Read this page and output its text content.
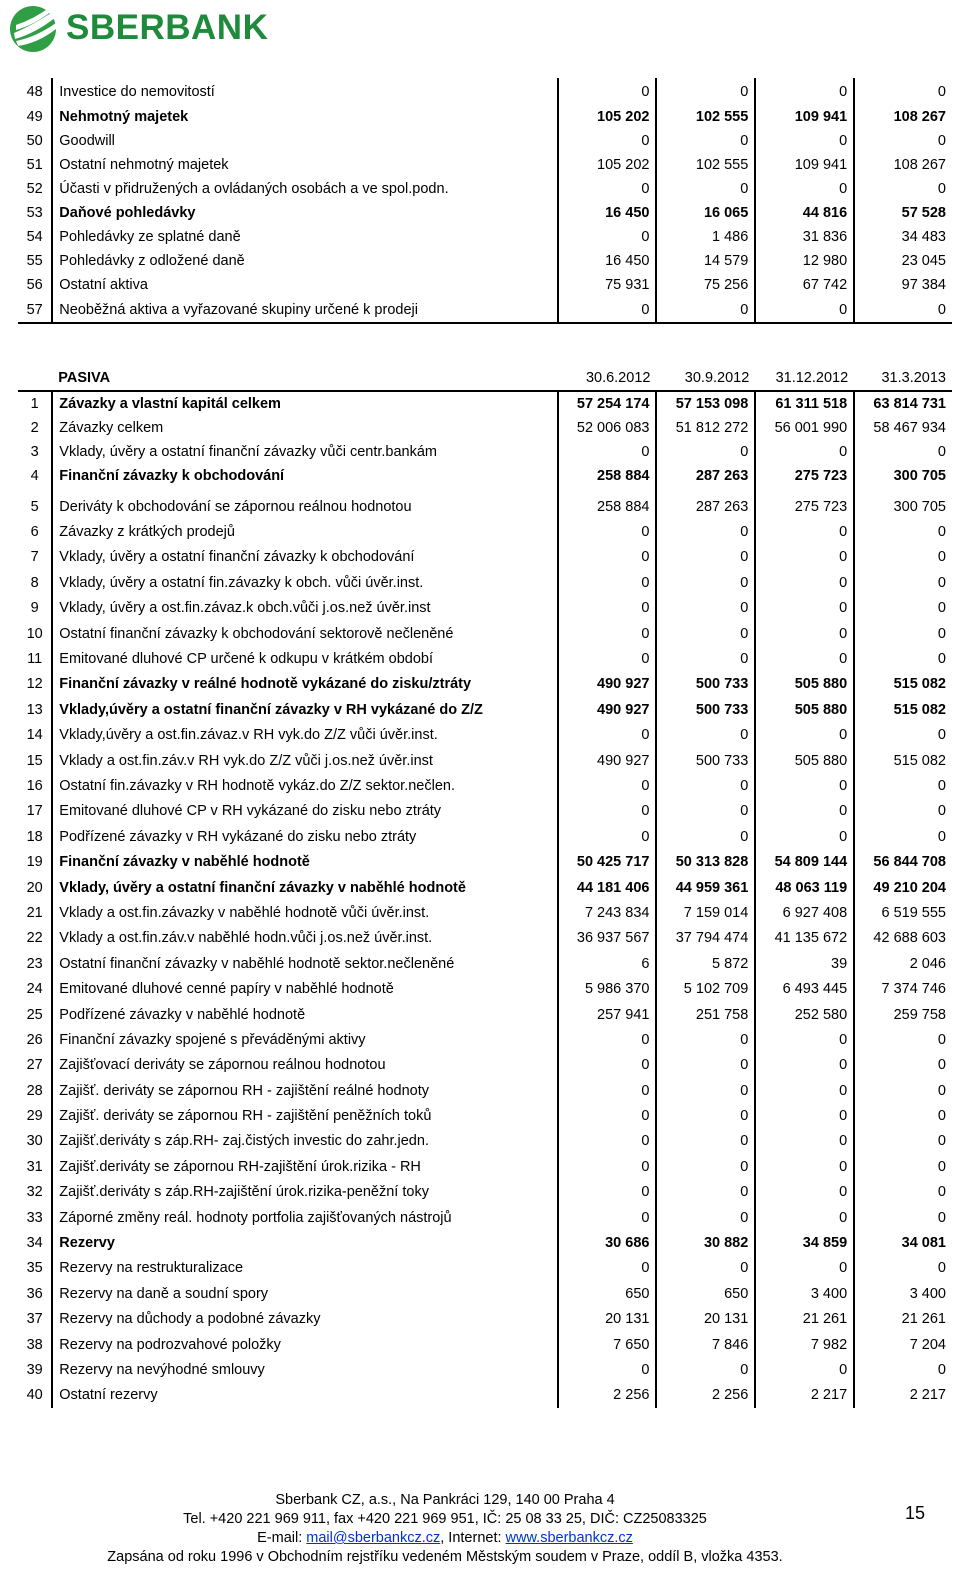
SBERBANK
48	Investice do nemovitostí	0	0	0	0
49	Nehmotný majetek	105 202	102 555	109 941	108 267
50	Goodwill	0	0	0	0
51	Ostatní nehmotný majetek	105 202	102 555	109 941	108 267
52	Účasti v přidružených a ovládaných osobách a ve spol.podn.	0	0	0	0
53	Daňové pohledávky	16 450	16 065	44 816	57 528
54	Pohledávky ze splatné daně	0	1 486	31 836	34 483
55	Pohledávky z odložené daně	16 450	14 579	12 980	23 045
56	Ostatní aktiva	75 931	75 256	67 742	97 384
57	Neoběžná aktiva a vyřazované skupiny určené k prodeji	0	0	0	0
	PASIVA	30.6.2012	30.9.2012	31.12.2012	31.3.2013
1	Závazky a vlastní kapitál celkem	57 254 174	57 153 098	61 311 518	63 814 731
2	Závazky celkem	52 006 083	51 812 272	56 001 990	58 467 934
3	Vklady, úvěry a ostatní finanční závazky vůči centr.bankám	0	0	0	0
4	Finanční závazky k obchodování	258 884	287 263	275 723	300 705

5	Deriváty k obchodování se zápornou reálnou hodnotou	258 884	287 263	275 723	300 705
6	Závazky z krátkých prodejů	0	0	0	0
7	Vklady, úvěry a ostatní finanční závazky k obchodování	0	0	0	0
8	Vklady, úvěry a ostatní fin.závazky k obch. vůči úvěr.inst.	0	0	0	0
9	Vklady, úvěry a ost.fin.závaz.k obch.vůči j.os.než úvěr.inst	0	0	0	0
10	Ostatní finanční závazky k obchodování sektorově nečleněné	0	0	0	0
11	Emitované dluhové CP určené k odkupu v krátkém období	0	0	0	0
12	Finanční závazky v reálné hodnotě vykázané do zisku/ztráty	490 927	500 733	505 880	515 082
13	Vklady,úvěry a ostatní finanční závazky v RH vykázané do Z/Z	490 927	500 733	505 880	515 082
14	Vklady,úvěry a ost.fin.závaz.v RH vyk.do Z/Z vůči úvěr.inst.	0	0	0	0
15	Vklady a ost.fin.záv.v RH vyk.do Z/Z vůči j.os.než úvěr.inst	490 927	500 733	505 880	515 082
16	Ostatní fin.závazky v RH hodnotě vykáz.do Z/Z sektor.nečlen.	0	0	0	0
17	Emitované dluhové CP v RH vykázané do zisku nebo ztráty	0	0	0	0
18	Podřízené závazky v RH vykázané do zisku nebo ztráty	0	0	0	0
19	Finanční závazky v naběhlé hodnotě	50 425 717	50 313 828	54 809 144	56 844 708
20	Vklady, úvěry a ostatní finanční závazky v naběhlé hodnotě	44 181 406	44 959 361	48 063 119	49 210 204
21	Vklady a ost.fin.závazky v naběhlé hodnotě vůči úvěr.inst.	7 243 834	7 159 014	6 927 408	6 519 555
22	Vklady a ost.fin.záv.v naběhlé hodn.vůči j.os.než úvěr.inst.	36 937 567	37 794 474	41 135 672	42 688 603
23	Ostatní finanční závazky v naběhlé hodnotě sektor.nečleněné	6	5 872	39	2 046
24	Emitované dluhové cenné papíry v naběhlé hodnotě	5 986 370	5 102 709	6 493 445	7 374 746
25	Podřízené závazky v naběhlé hodnotě	257 941	251 758	252 580	259 758
26	Finanční závazky spojené s převáděnými aktivy	0	0	0	0
27	Zajišťovací deriváty se zápornou reálnou hodnotou	0	0	0	0
28	Zajišť. deriváty se zápornou RH - zajištění reálné hodnoty	0	0	0	0
29	Zajišť. deriváty se zápornou RH - zajištění peněžních toků	0	0	0	0
30	Zajišť.deriváty s záp.RH- zaj.čistých investic do zahr.jedn.	0	0	0	0
31	Zajišť.deriváty se zápornou RH-zajištění úrok.rizika - RH	0	0	0	0
32	Zajišť.deriváty s záp.RH-zajištění úrok.rizika-peněžní toky	0	0	0	0
33	Záporné změny reál. hodnoty portfolia zajišťovaných nástrojů	0	0	0	0
34	Rezervy	30 686	30 882	34 859	34 081
35	Rezervy na restrukturalizace	0	0	0	0
36	Rezervy na daně a soudní spory	650	650	3 400	3 400
37	Rezervy na důchody a podobné závazky	20 131	20 131	21 261	21 261
38	Rezervy na podrozvahové položky	7 650	7 846	7 982	7 204
39	Rezervy na nevýhodné smlouvy	0	0	0	0
40	Ostatní rezervy	2 256	2 256	2 217	2 217
Sberbank CZ, a.s., Na Pankráci 129, 140 00 Praha 4
Tel. +420 221 969 911, fax +420 221 969 951, IČ: 25 08 33 25, DIČ: CZ25083325
E-mail: mail@sberbankcz.cz, Internet: www.sberbankcz.cz
Zapsána od roku 1996 v Obchodním rejstříku vedeném Městským soudem v Praze, oddíl B, vložka 4353.
15
